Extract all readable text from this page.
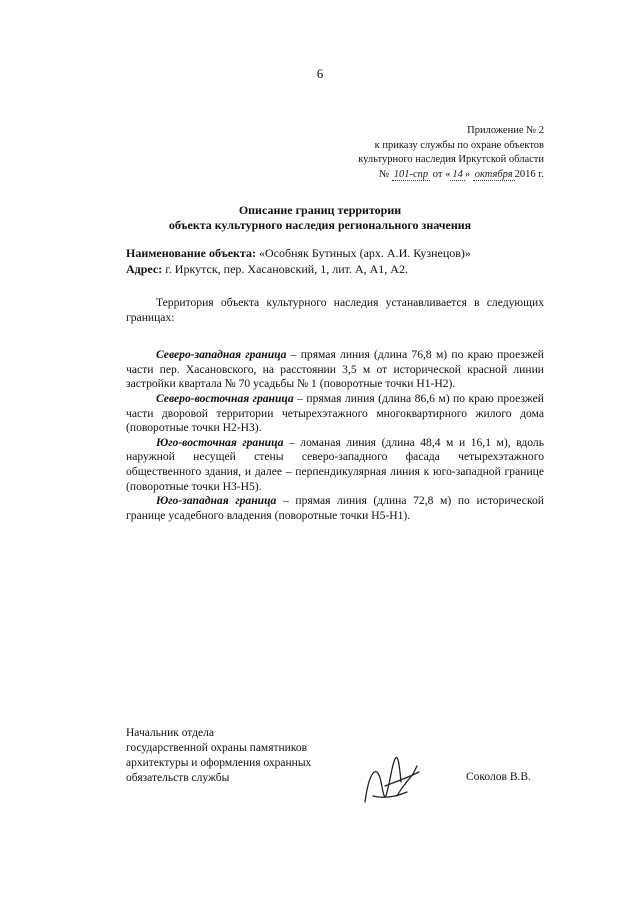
6
Приложение № 2
к приказу службы по охране объектов
культурного наследия Иркутской области
№ 101-спр от « 14 » октября 2016 г.
Описание границ территории
объекта культурного наследия регионального значения
Наименование объекта: «Особняк Бутиных (арх. А.И. Кузнецов)»
Адрес: г. Иркутск, пер. Хасановский, 1, лит. А, А1, А2.

Территория объекта культурного наследия устанавливается в следующих границах:

Северо-западная граница – прямая линия (длина 76,8 м) по краю проезжей части пер. Хасановского, на расстоянии 3,5 м от исторической красной линии застройки квартала № 70 усадьбы № 1 (поворотные точки Н1-Н2).

Северо-восточная граница – прямая линия (длина 86,6 м) по краю проезжей части дворовой территории четырехэтажного многоквартирного жилого дома (поворотные точки Н2-Н3).

Юго-восточная граница – ломаная линия (длина 48,4 м и 16,1 м), вдоль наружной несущей стены северо-западного фасада четырехэтажного общественного здания, и далее – перпендикулярная линия к юго-западной границе (поворотные точки Н3-Н5).

Юго-западная граница – прямая линия (длина 72,8 м) по исторической границе усадебного владения (поворотные точки Н5-Н1).

Начальник отдела
государственной охраны памятников
архитектуры и оформления охранных
обязательств службы	Соколов В.В.
